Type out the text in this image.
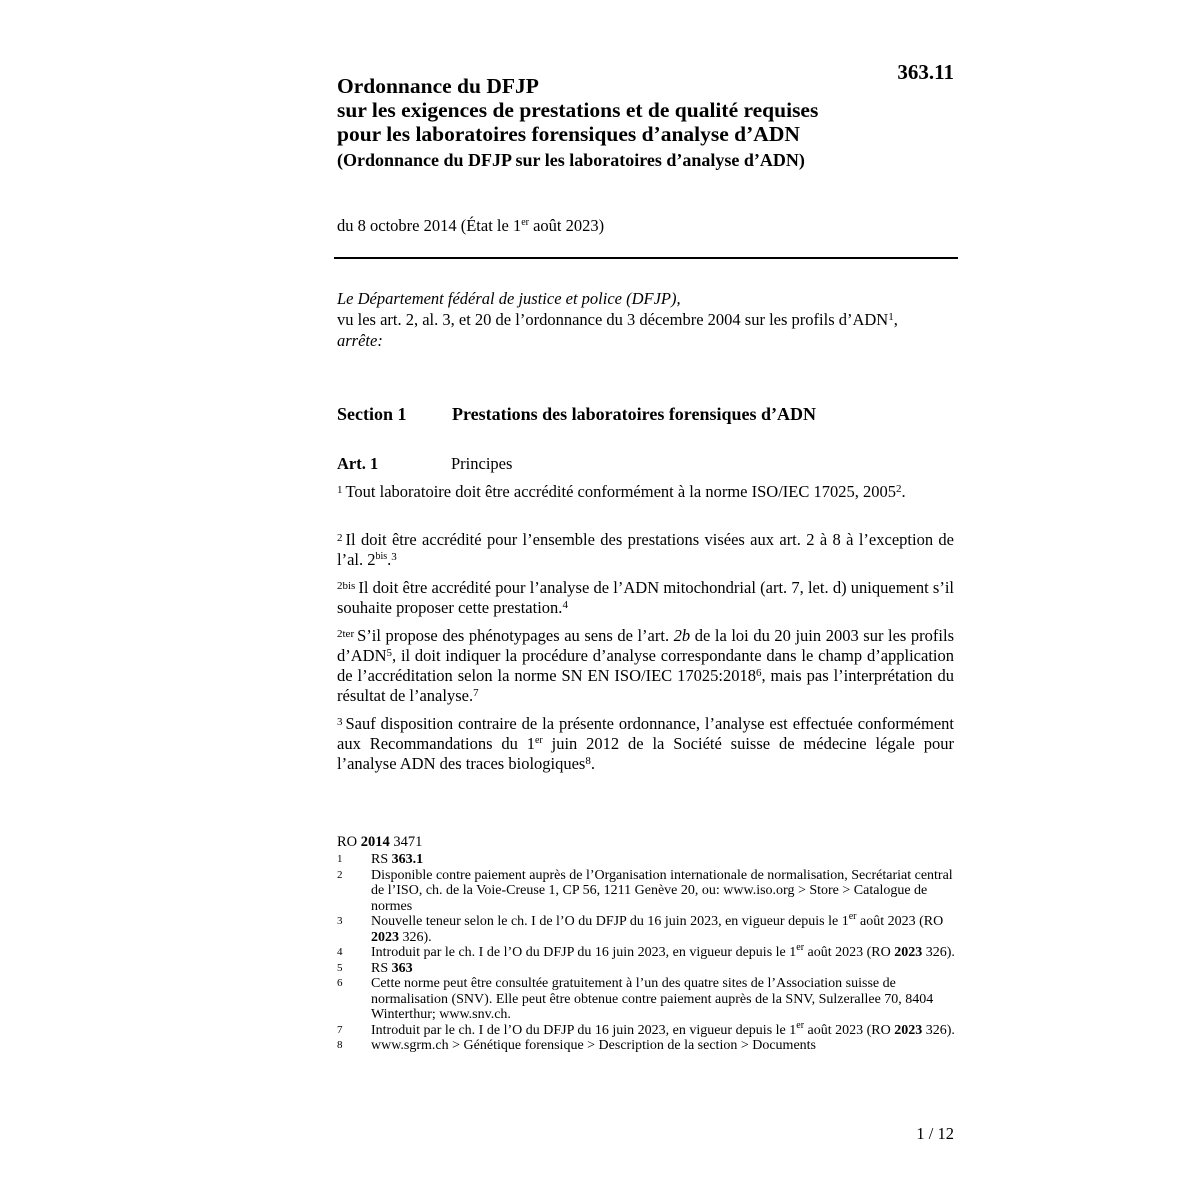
363.11
Ordonnance du DFJP
sur les exigences de prestations et de qualité requises
pour les laboratoires forensiques d’analyse d’ADN
(Ordonnance du DFJP sur les laboratoires d’analyse d’ADN)
du 8 octobre 2014 (État le 1er août 2023)
Le Département fédéral de justice et police (DFJP),
vu les art. 2, al. 3, et 20 de l’ordonnance du 3 décembre 2004 sur les profils d’ADN$^1$,
arrête:
Section 1	Prestations des laboratoires forensiques d’ADN
Art. 1	Principes
$^1$ Tout laboratoire doit être accrédité conformément à la norme ISO/IEC 17025, 2005$^2$.
$^2$ Il doit être accrédité pour l’ensemble des prestations visées aux art. 2 à 8 à l’exception de l’al. $2^{bis}.^3$
$^{2bis}$ Il doit être accrédité pour l’analyse de l’ADN mitochondrial (art. 7, let. d) uniquement s’il souhaite proposer cette prestation.$^4$
$^{2ter}$ S’il propose des phénotypages au sens de l’art. 2b de la loi du 20 juin 2003 sur les profils d’ADN$^5$, il doit indiquer la procédure d’analyse correspondante dans le champ d’application de l’accréditation selon la norme SN EN ISO/IEC 17025:2018$^6$, mais pas l’interprétation du résultat de l’analyse.$^7$
$^3$ Sauf disposition contraire de la présente ordonnance, l’analyse est effectuée conformément aux Recommandations du 1er juin 2012 de la Société suisse de médecine légale pour l’analyse ADN des traces biologiques$^8$.
RO 2014 3471
1	RS 363.1
2	Disponible contre paiement auprès de l’Organisation internationale de normalisation, Secrétariat central de l’ISO, ch. de la Voie-Creuse 1, CP 56, 1211 Genève 20, ou: www.iso.org > Store > Catalogue de normes
3	Nouvelle teneur selon le ch. I de l’O du DFJP du 16 juin 2023, en vigueur depuis le 1er août 2023 (RO 2023 326).
4	Introduit par le ch. I de l’O du DFJP du 16 juin 2023, en vigueur depuis le 1er août 2023 (RO 2023 326).
5	RS 363
6	Cette norme peut être consultée gratuitement à l’un des quatre sites de l’Association suisse de normalisation (SNV). Elle peut être obtenue contre paiement auprès de la SNV, Sulzerallee 70, 8404 Winterthur; www.snv.ch.
7	Introduit par le ch. I de l’O du DFJP du 16 juin 2023, en vigueur depuis le 1er août 2023 (RO 2023 326).
8	www.sgrm.ch > Génétique forensique > Description de la section > Documents
1 / 12
